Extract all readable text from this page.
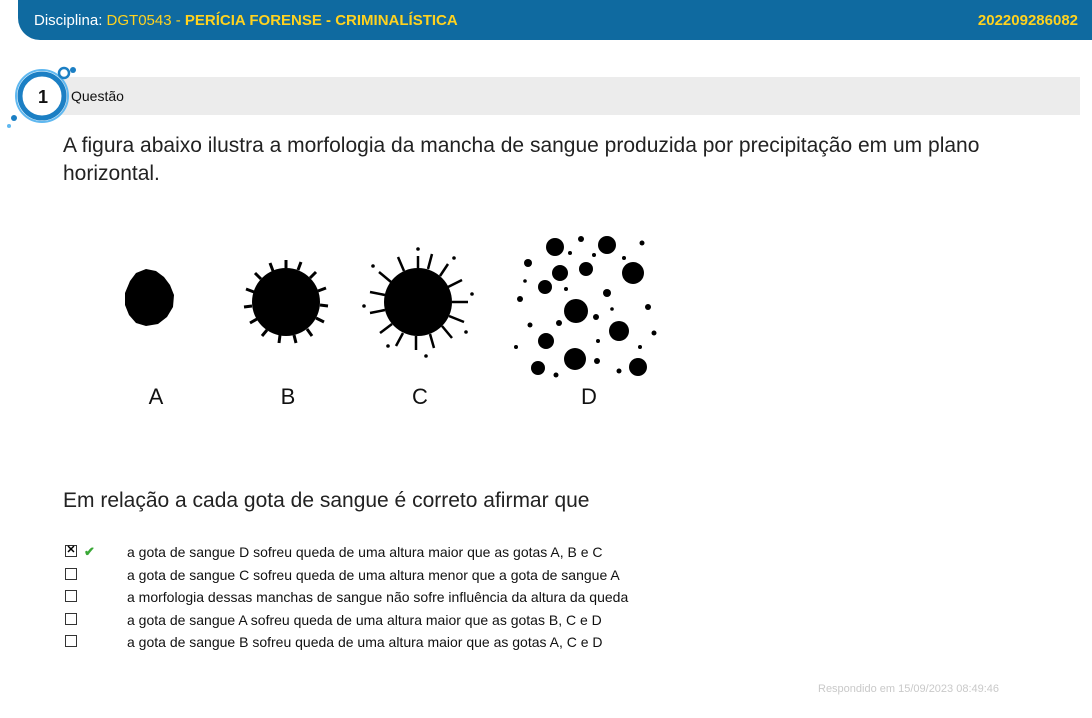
Disciplina: DGT0543 - PERÍCIA FORENSE - CRIMINALÍSTICA	202209286082
Questão
1
A figura abaixo ilustra a morfologia da mancha de sangue produzida por precipitação em um plano horizontal.
A	B	C	D
Em relação a cada gota de sangue é correto afirmar que
✕
✔ a gota de sangue D sofreu queda de uma altura maior que as gotas A, B e C
a gota de sangue C sofreu queda de uma altura menor que a gota de sangue A
a morfologia dessas manchas de sangue não sofre influência da altura da queda
a gota de sangue A sofreu queda de uma altura maior que as gotas B, C e D
a gota de sangue B sofreu queda de uma altura maior que as gotas A, C e D
Respondido em 15/09/2023 08:49:46
